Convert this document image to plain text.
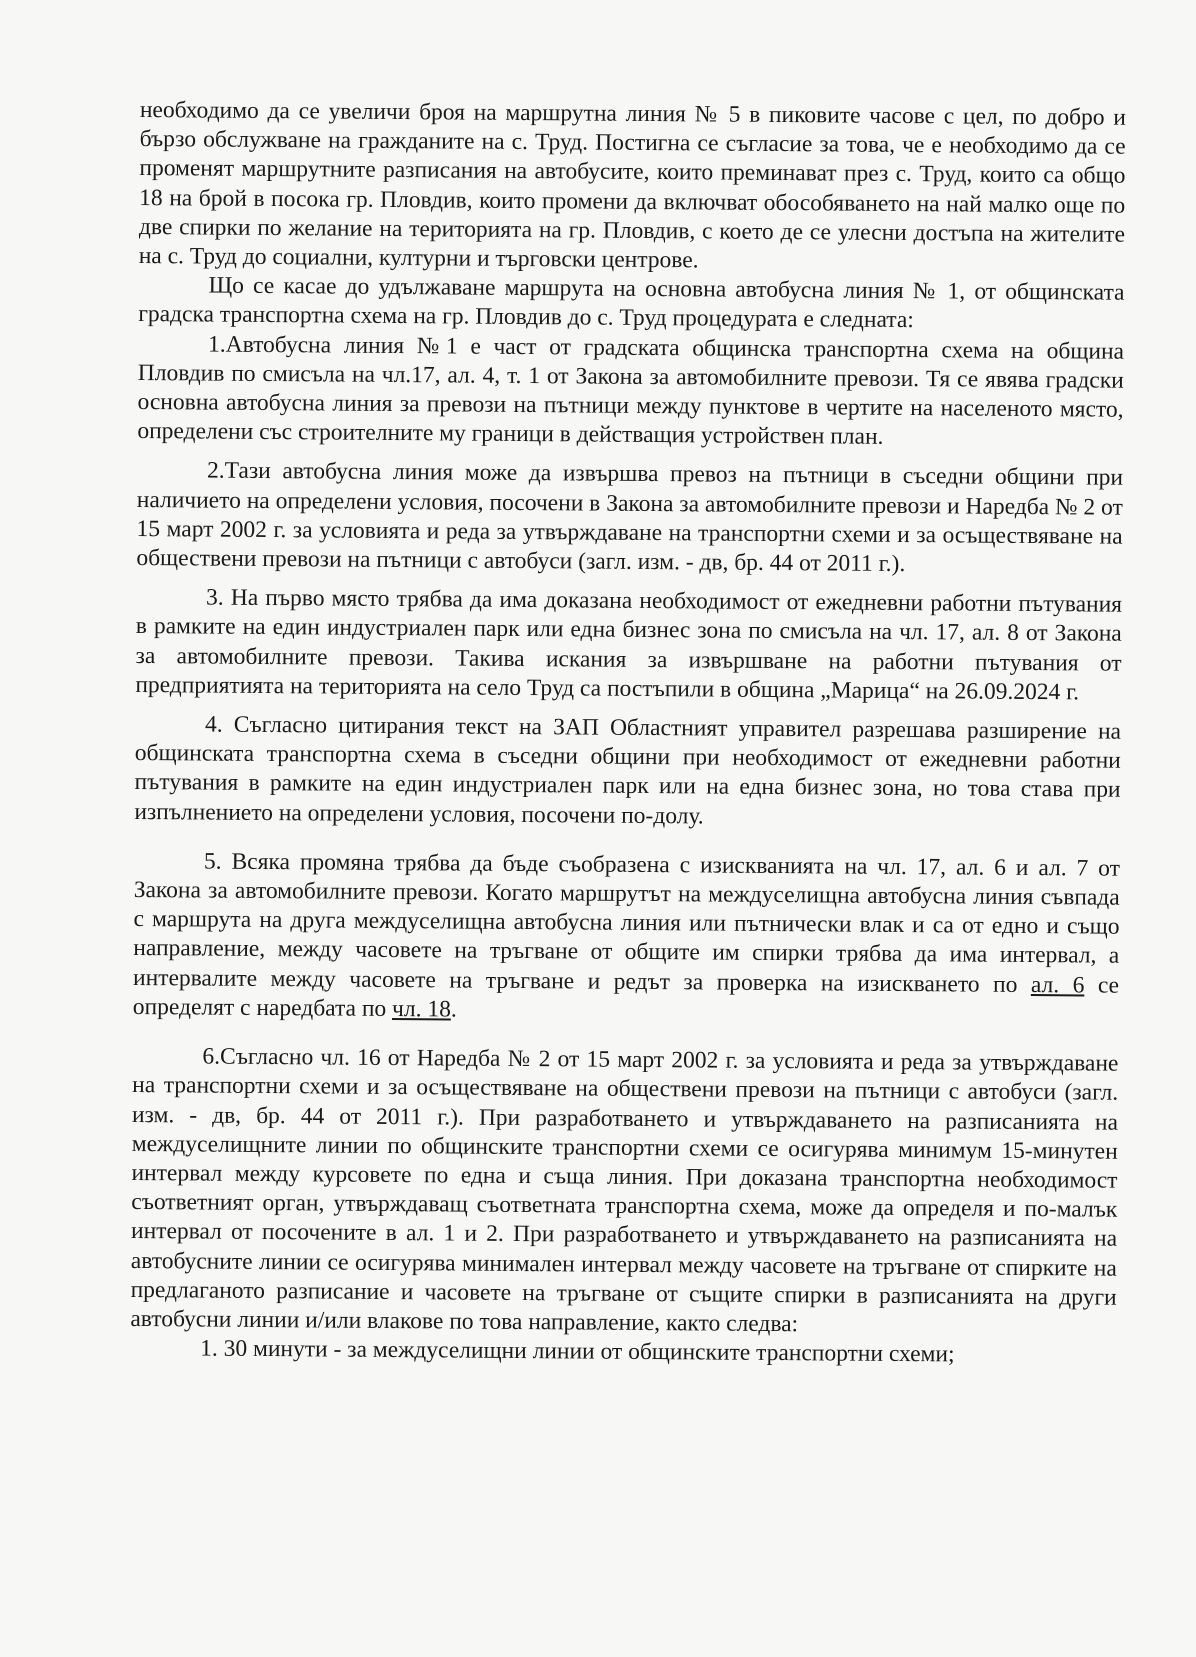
необходимо да се увеличи броя на маршрутна линия № 5 в пиковите часове с цел, по добро и бързо обслужване на гражданите на с. Труд. Постигна се съгласие за това, че е необходимо да се променят маршрутните разписания на автобусите, които преминават през с. Труд, които са общо 18 на брой в посока гр. Пловдив, които промени да включват обособяването на най малко още по две спирки по желание на територията на гр. Пловдив, с което де се улесни достъпа на жителите на с. Труд до социални, културни и търговски центрове.

Що се касае до удължаване маршрута на основна автобусна линия № 1, от общинската градска транспортна схема на гр. Пловдив до с. Труд процедурата е следната:

1.Автобусна линия №1 е част от градската общинска транспортна схема на община Пловдив по смисъла на чл.17, ал. 4, т. 1 от Закона за автомобилните превози. Тя се явява градски основна автобусна линия за превози на пътници между пунктове в чертите на населеното място, определени със строителните му граници в действащия устройствен план.

2.Тази автобусна линия може да извършва превоз на пътници в съседни общини при наличието на определени условия, посочени в Закона за автомобилните превози и Наредба № 2 от 15 март 2002 г. за условията и реда за утвърждаване на транспортни схеми и за осъществяване на обществени превози на пътници с автобуси (загл. изм. - дв, бр. 44 от 2011 г.).

3. На първо място трябва да има доказана необходимост от ежедневни работни пътувания в рамките на един индустриален парк или една бизнес зона по смисъла на чл. 17, ал. 8 от Закона за автомобилните превози. Такива искания за извършване на работни пътувания от предприятията на територията на село Труд са постъпили в община „Марица“ на 26.09.2024 г.

4. Съгласно цитирания текст на ЗАП Областният управител разрешава разширение на общинската транспортна схема в съседни общини при необходимост от ежедневни работни пътувания в рамките на един индустриален парк или на една бизнес зона, но това става при изпълнението на определени условия, посочени по-долу.

5. Всяка промяна трябва да бъде съобразена с изискванията на чл. 17, ал. 6 и ал. 7 от Закона за автомобилните превози. Когато маршрутът на междуселищна автобусна линия съвпада с маршрута на друга междуселищна автобусна линия или пътнически влак и са от едно и също направление, между часовете на тръгване от общите им спирки трябва да има интервал, а интервалите между часовете на тръгване и редът за проверка на изискването по ал. 6 се определят с наредбата по чл. 18.

6.Съгласно чл. 16 от Наредба № 2 от 15 март 2002 г. за условията и реда за утвърждаване на транспортни схеми и за осъществяване на обществени превози на пътници с автобуси (загл. изм. - дв, бр. 44 от 2011 г.). При разработването и утвърждаването на разписанията на междуселищните линии по общинските транспортни схеми се осигурява минимум 15-минутен интервал между курсовете по една и съща линия. При доказана транспортна необходимост съответният орган, утвърждаващ съответната транспортна схема, може да определя и по-малък интервал от посочените в ал. 1 и 2. При разработването и утвърждаването на разписанията на автобусните линии се осигурява минимален интервал между часовете на тръгване от спирките на предлаганото разписание и часовете на тръгване от същите спирки в разписанията на други автобусни линии и/или влакове по това направление, както следва:

1. 30 минути - за междуселищни линии от общинските транспортни схеми;
